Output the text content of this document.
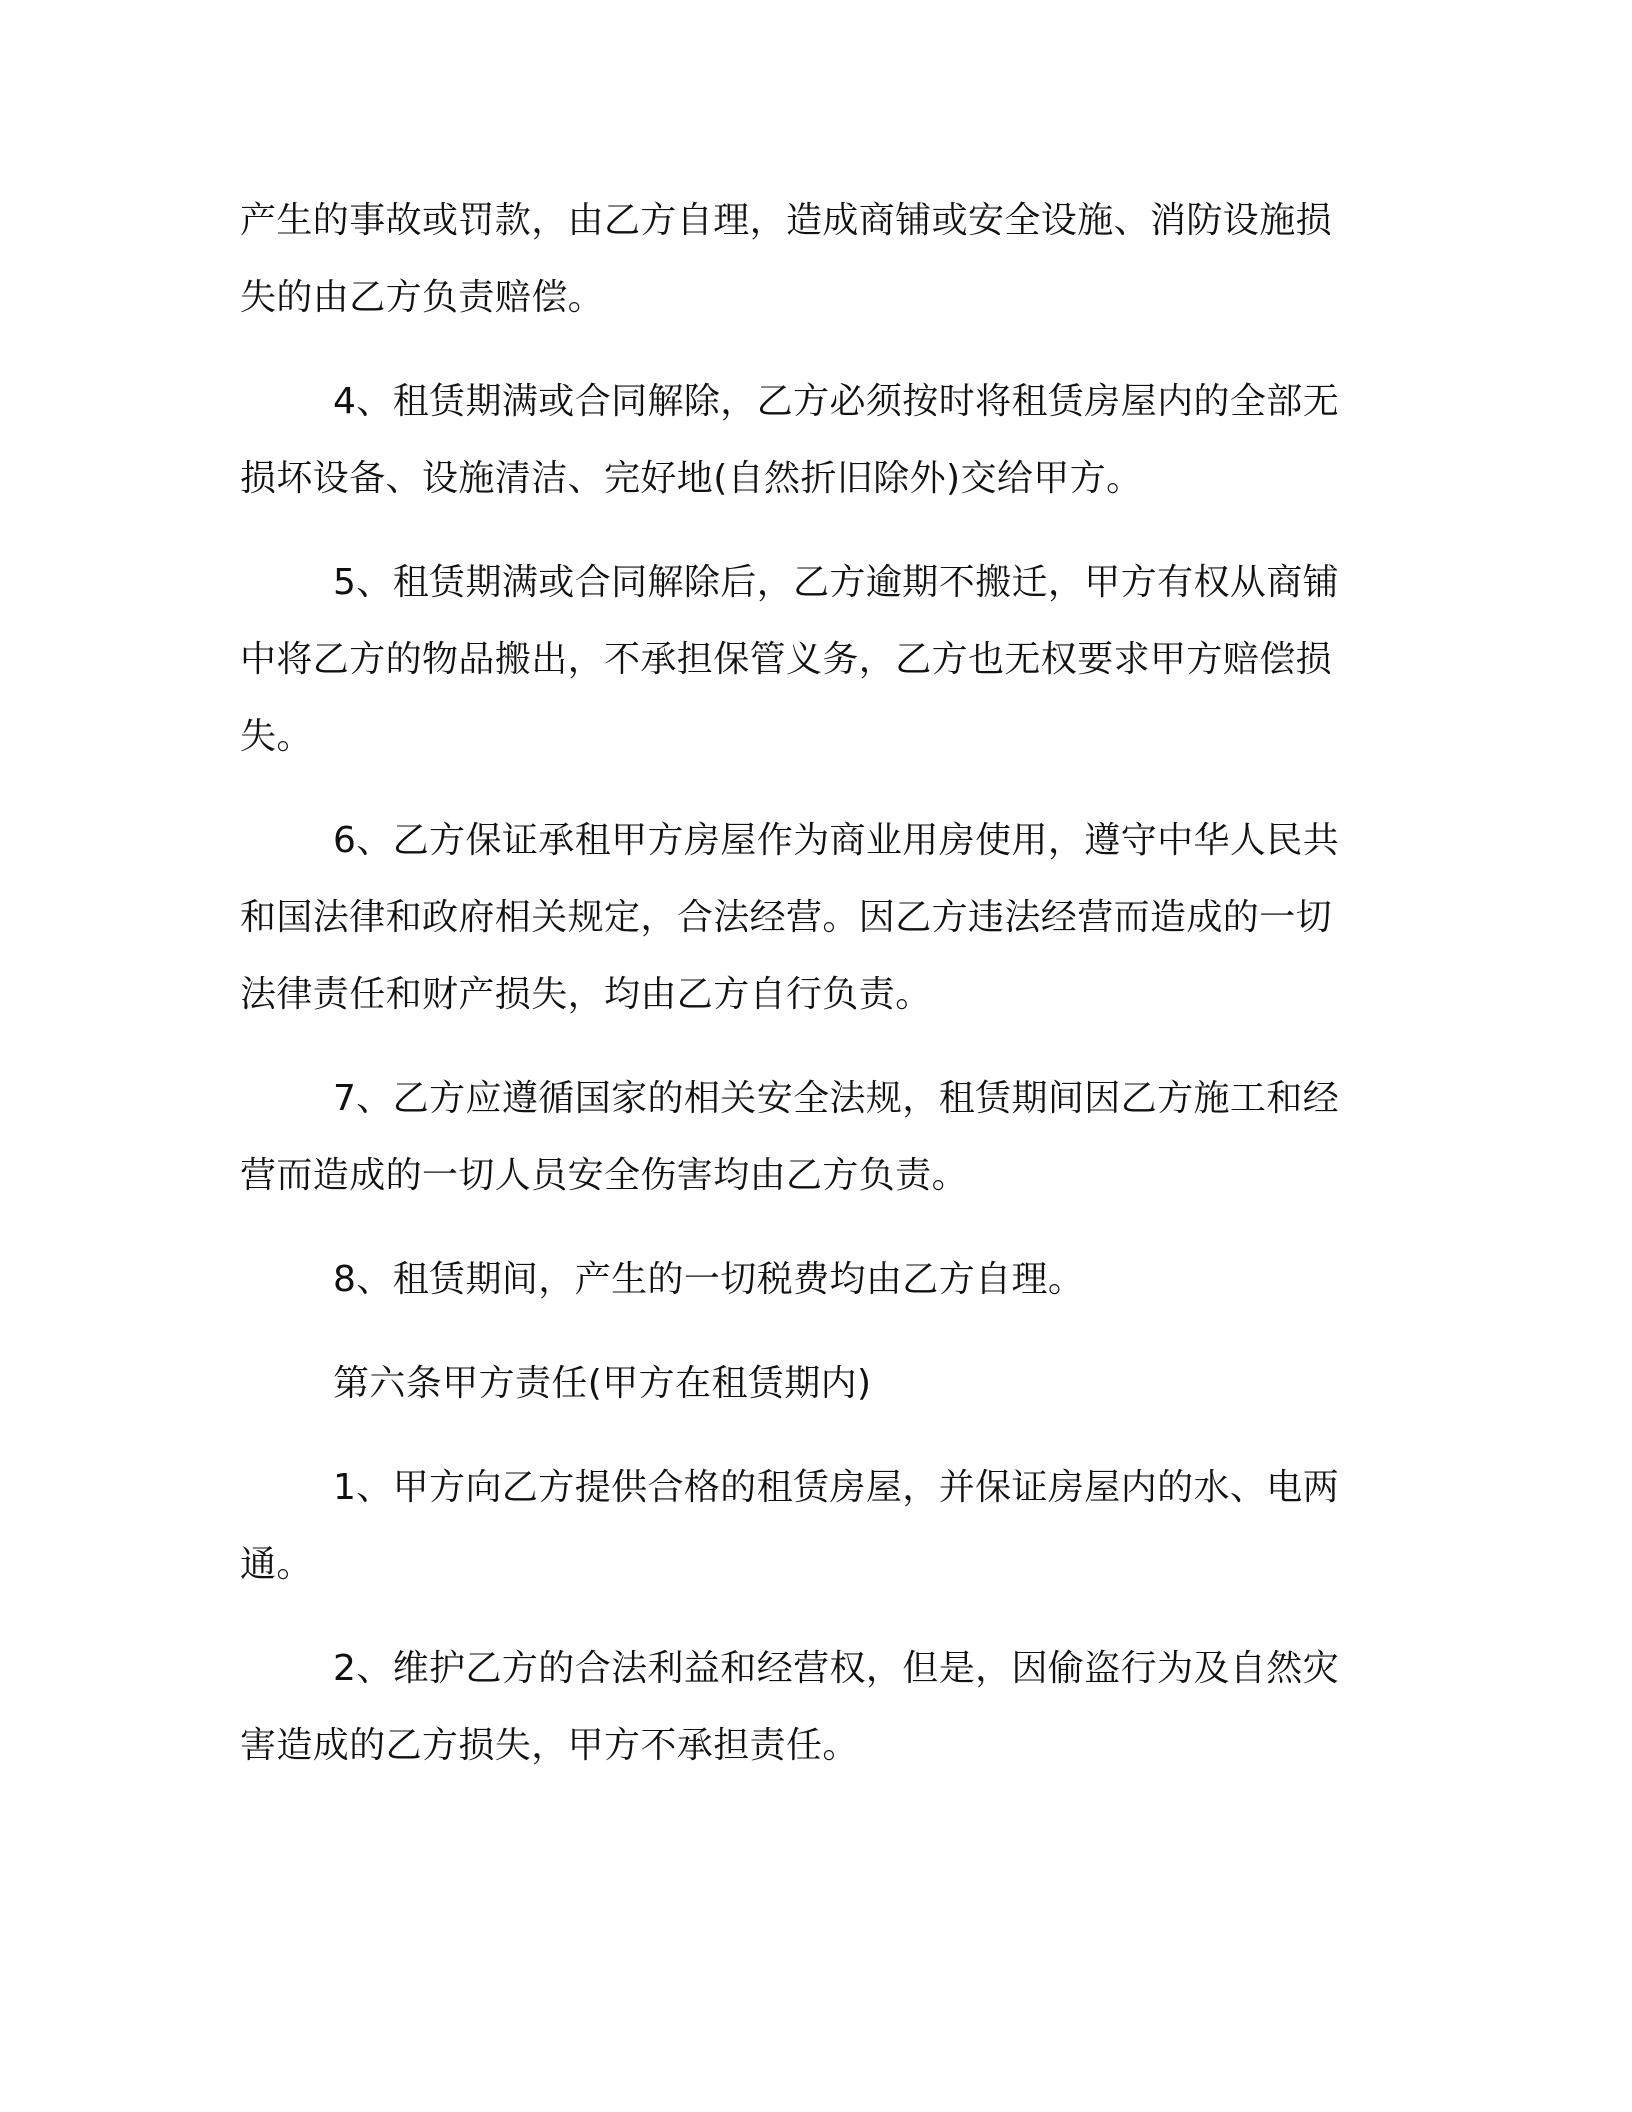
产生的事故或罚款，由乙方自理，造成商铺或安全设施、消防设施损失的由乙方负责赔偿。

4、租赁期满或合同解除，乙方必须按时将租赁房屋内的全部无损坏设备、设施清洁、完好地(自然折旧除外)交给甲方。

5、租赁期满或合同解除后，乙方逾期不搬迁，甲方有权从商铺中将乙方的物品搬出，不承担保管义务，乙方也无权要求甲方赔偿损失。

6、乙方保证承租甲方房屋作为商业用房使用，遵守中华人民共和国法律和政府相关规定，合法经营。因乙方违法经营而造成的一切法律责任和财产损失，均由乙方自行负责。

7、乙方应遵循国家的相关安全法规，租赁期间因乙方施工和经营而造成的一切人员安全伤害均由乙方负责。

8、租赁期间，产生的一切税费均由乙方自理。

第六条甲方责任(甲方在租赁期内)

1、甲方向乙方提供合格的租赁房屋，并保证房屋内的水、电两通。

2、维护乙方的合法利益和经营权，但是，因偷盗行为及自然灾害造成的乙方损失，甲方不承担责任。
